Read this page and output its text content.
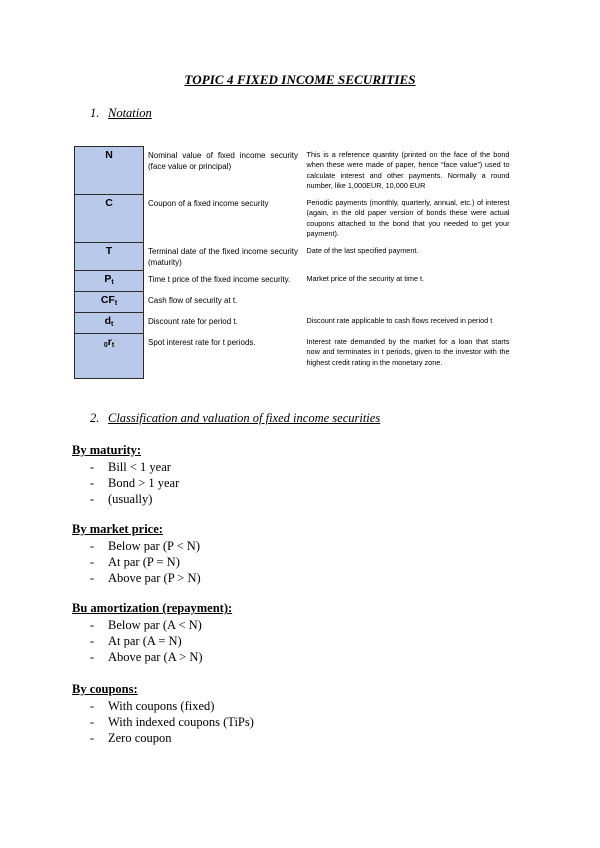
TOPIC 4 FIXED INCOME SECURITIES
1. Notation
N	Nominal value of fixed income security (face value or principal)	This is a reference quantity (printed on the face of the bond when these were made of paper, hence “face value”) used to calculate interest and other payments. Normally a round number, like 1,000EUR, 10,000 EUR
C	Coupon of a fixed income security	Periodic payments (monthly, quarterly, annual, etc.) of interest (again, in the old paper version of bonds these were actual coupons attached to the bond that you needed to get your payment).
T	Terminal date of the fixed income security (maturity)	Date of the last specified payment.
$P_t$	Time t price of the fixed income security.	Market price of the security at time t.
$CF_t$	Cash flow of security at t.	
$d_t$	Discount rate for period t.	Discount rate applicable to cash flows received in period t
$0r_t$	Spot interest rate for t periods.	Interest rate demanded by the market for a loan that starts now and terminates in t periods, given to the investor with the highest credit rating in the monetary zone.
2. Classification and valuation of fixed income securities
By maturity:
- Bill < 1 year
- Bond > 1 year
- (usually)
By market price:
- Below par (P < N)
- At par (P = N)
- Above par (P > N)
Bu amortization (repayment):
- Below par (A < N)
- At par (A = N)
- Above par (A > N)
By coupons:
- With coupons (fixed)
- With indexed coupons (TiPs)
- Zero coupon
